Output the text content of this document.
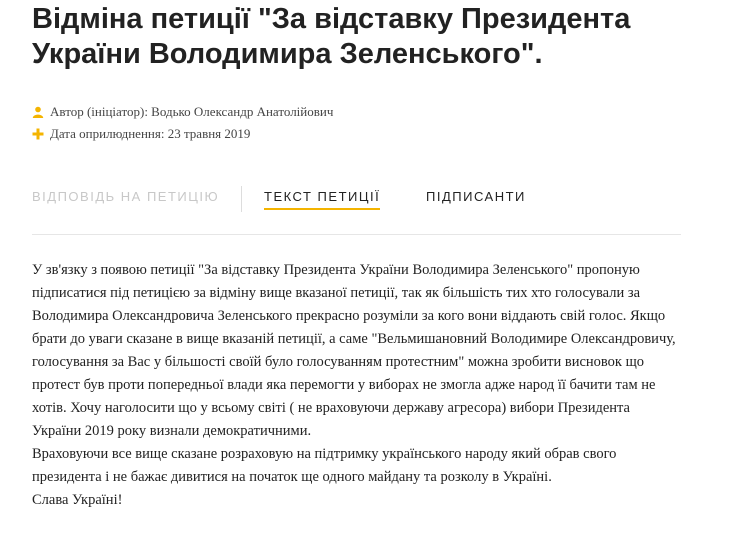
Відміна петиції "За відставку Президента України Володимира Зеленського".
Автор (ініціатор): Водько Олександр Анатолійович
Дата оприлюднення: 23 травня 2019
ВІДПОВІДЬ НА ПЕТИЦІЮ	ТЕКСТ ПЕТИЦІЇ	ПІДПИСАНТИ

У зв'язку з появою петиції "За відставку Президента України Володимира Зеленського" пропоную підписатися під петицією за відміну вище вказаної петиції, так як більшість тих хто голосували за Володимира Олександровича Зеленського прекрасно розуміли за кого вони віддають свій голос. Якщо брати до уваги сказане в вище вказаній петиції, а саме "Вельмишановний Володимире Олександровичу, голосування за Вас у більшості своїй було голосуванням протестним" можна зробити висновок що протест був проти попередньої влади яка перемогти у виборах не змогла адже народ її бачити там не хотів. Хочу наголосити що у всьому світі ( не враховуючи державу агресора) вибори Президента України 2019 року визнали демократичними.

Враховуючи все вище сказане розраховую на підтримку українського народу який обрав свого президента і не бажає дивитися на початок ще одного майдану та розколу в Україні.

Слава Україні!
